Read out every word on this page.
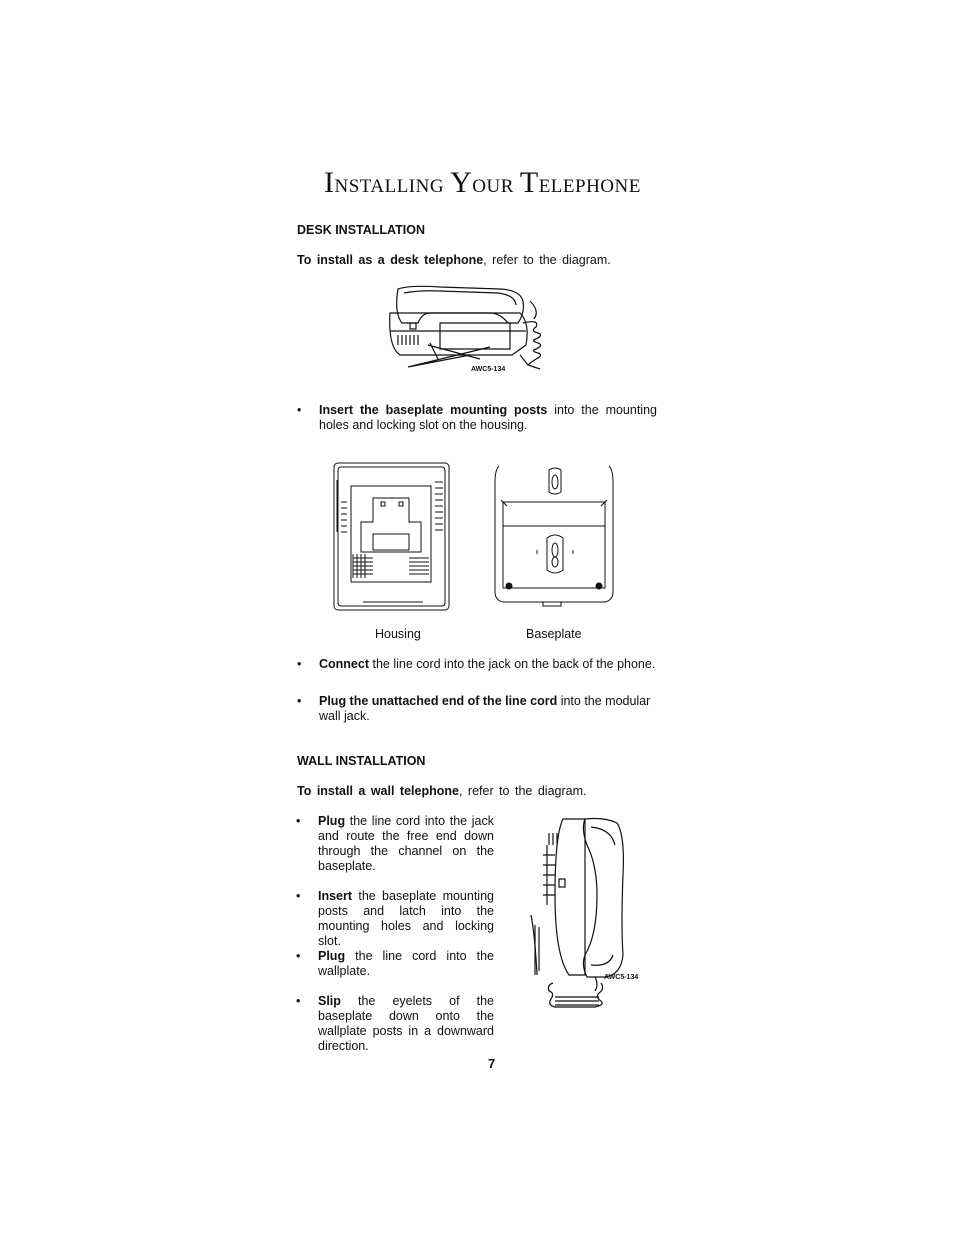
INSTALLING YOUR TELEPHONE
DESK INSTALLATION
To install as a desk telephone, refer to the diagram.
AWC5-134
• Insert the baseplate mounting posts into the mounting holes and locking slot on the housing.
Housing	Baseplate
• Connect the line cord into the jack on the back of the phone.
• Plug the unattached end of the line cord into the modular wall jack.
WALL INSTALLATION
To install a wall telephone, refer to the diagram.
• Plug the line cord into the jack and route the free end down through the channel on the baseplate.
• Insert the baseplate mounting posts and latch into the mounting holes and locking slot.
• Plug the line cord into the wallplate.
• Slip the eyelets of the baseplate down onto the wallplate posts in a downward direction.
AWC5-134
7
